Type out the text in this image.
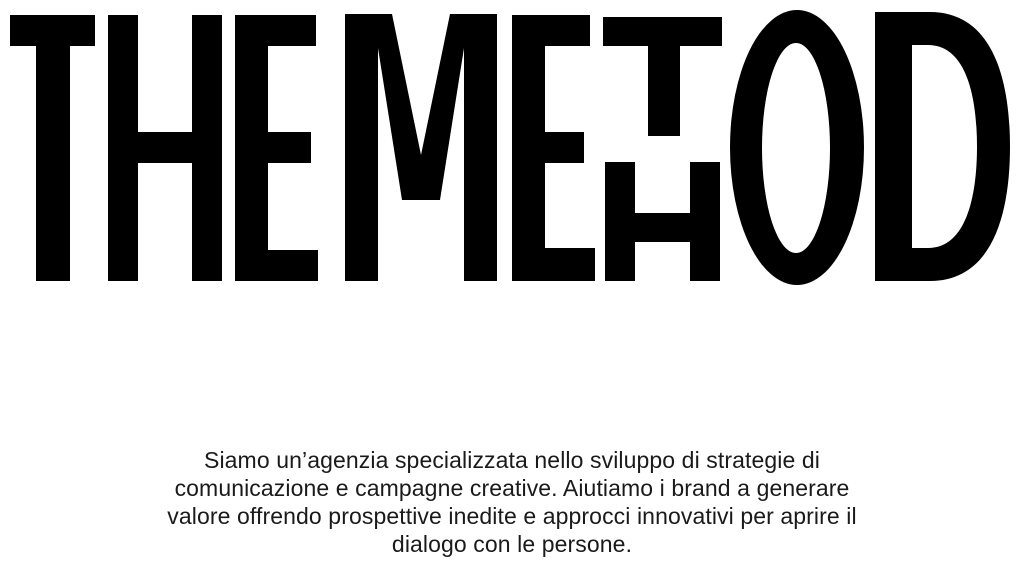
Siamo un’agenzia specializzata nello sviluppo di strategie di
comunicazione e campagne creative. Aiutiamo i brand a generare
valore offrendo prospettive inedite e approcci innovativi per aprire il
dialogo con le persone.
